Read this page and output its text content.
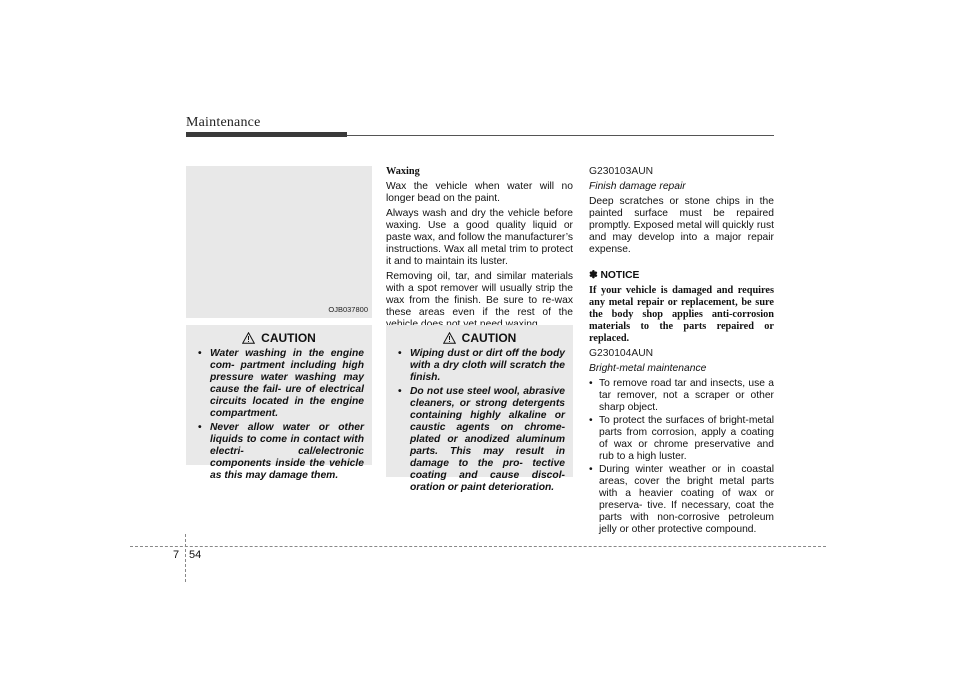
Maintenance
OJB037800
CAUTION
• Water washing in the engine com- partment including high pressure water washing may cause the fail- ure of electrical circuits located in the engine compartment.
• Never allow water or other liquids to come in contact with electri- cal/electronic components inside the vehicle as this may damage them.

Waxing

Wax the vehicle when water will no longer bead on the paint.

Always wash and dry the vehicle before waxing. Use a good quality liquid or paste wax, and follow the manufacturer’s instructions. Wax all metal trim to protect it and to maintain its luster.

Removing oil, tar, and similar materials with a spot remover will usually strip the wax from the finish. Be sure to re-wax these areas even if the rest of the

CAUTION
• Wiping dust or dirt off the body with a dry cloth will scratch the finish.
• Do not use steel wool, abrasive cleaners, or strong detergents containing highly alkaline or caustic agents on chrome-plated or anodized aluminum parts. This may result in damage to the pro- tective coating and cause discol- oration or paint deterioration.

G230103AUN

Finish damage repair

Deep scratches or stone chips in the painted surface must be repaired promptly. Exposed metal will quickly rust and may develop into a major repair expense.

✽ NOTICE

If your vehicle is damaged and requires any metal repair or replacement, be sure the body shop applies anti-corrosion materials to the parts repaired or replaced.

G230104AUN

Bright-metal maintenance

• To remove road tar and insects, use a tar remover, not a scraper or other sharp object.
• To protect the surfaces of bright-metal parts from corrosion, apply a coating of wax or chrome preservative and rub to a high luster.
• During winter weather or in coastal areas, cover the bright metal parts with a heavier coating of wax or preserva- tive. If necessary, coat the parts with non-corrosive petroleum jelly or other protective compound.
7 54
